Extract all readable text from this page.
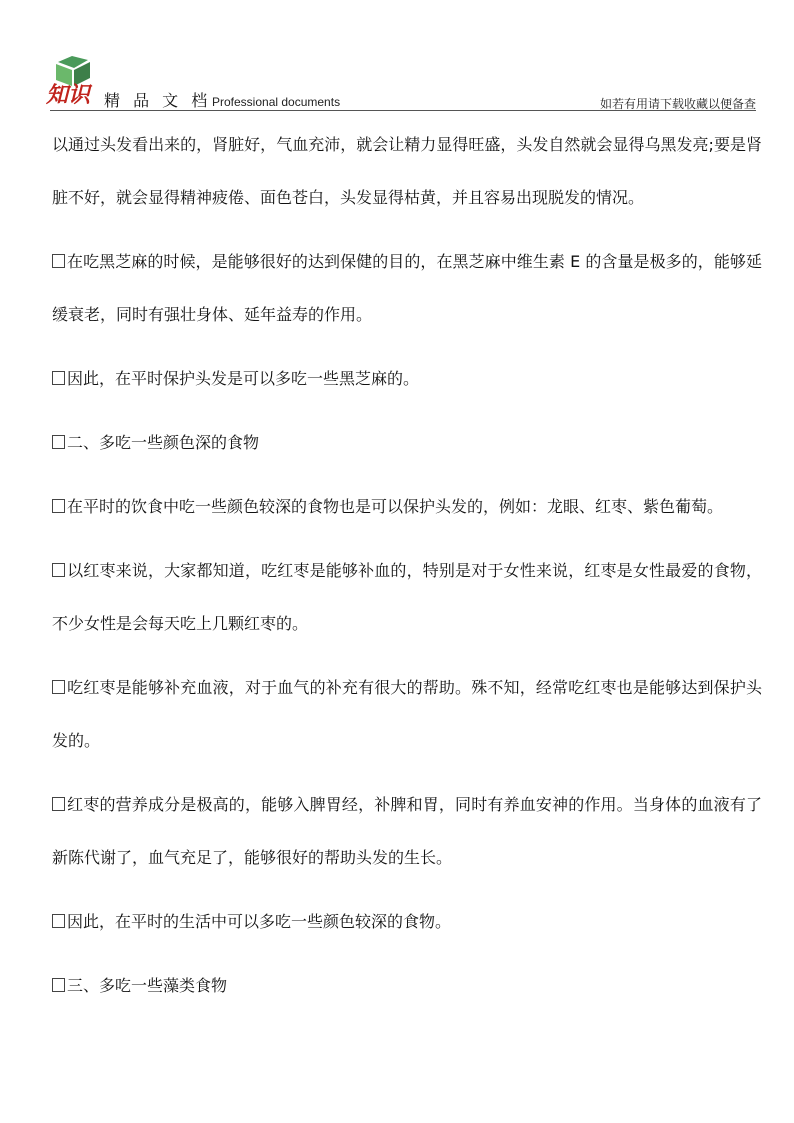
知识 精 品 文 档 Professional documents	如若有用请下载收藏以便备查

以通过头发看出来的，肾脏好，气血充沛，就会让精力显得旺盛，头发自然就会显得乌黑发亮;要是肾脏不好，就会显得精神疲倦、面色苍白，头发显得枯黄，并且容易出现脱发的情况。

在吃黑芝麻的时候，是能够很好的达到保健的目的，在黑芝麻中维生素 E 的含量是极多的，能够延缓衰老，同时有强壮身体、延年益寿的作用。

因此，在平时保护头发是可以多吃一些黑芝麻的。

二、多吃一些颜色深的食物

在平时的饮食中吃一些颜色较深的食物也是可以保护头发的，例如：龙眼、红枣、紫色葡萄。

以红枣来说，大家都知道，吃红枣是能够补血的，特别是对于女性来说，红枣是女性最爱的食物，不少女性是会每天吃上几颗红枣的。

吃红枣是能够补充血液，对于血气的补充有很大的帮助。殊不知，经常吃红枣也是能够达到保护头发的。

红枣的营养成分是极高的，能够入脾胃经，补脾和胃，同时有养血安神的作用。当身体的血液有了新陈代谢了，血气充足了，能够很好的帮助头发的生长。

因此，在平时的生活中可以多吃一些颜色较深的食物。

三、多吃一些藻类食物
